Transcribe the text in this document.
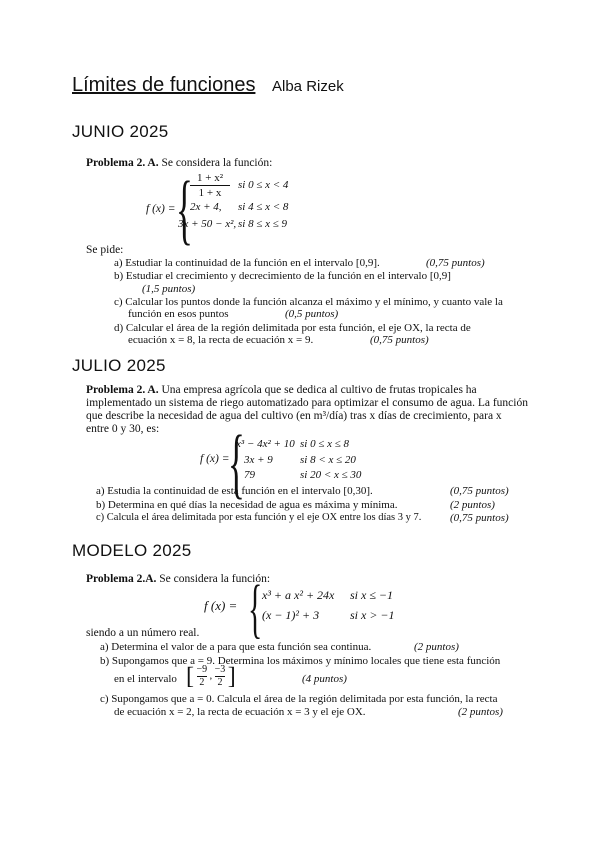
Límites de funciones Alba Rizek
JUNIO 2025
Problema 2. A. Se considera la función:
f (x) = {
$\frac{\text{1 + x²}}{1 + x}$ si 0 ≤ x < 4
2x + 4, si 4 ≤ x < 8
3x + 50 − x², si 8 ≤ x ≤ 9
Se pide:
a) Estudiar la continuidad de la función en el intervalo [0,9].	(0,75 puntos)
b) Estudiar el crecimiento y decrecimiento de la función en el intervalo [0,9]
(1,5 puntos)
c) Calcular los puntos donde la función alcanza el máximo y el mínimo, y cuanto vale la
función en esos puntos	(0,5 puntos)
d) Calcular el área de la región delimitada por esta función, el eje OX, la recta de
ecuación x = 8, la recta de ecuación x = 9.	(0,75 puntos)
JULIO 2025
Problema 2. A. Una empresa agrícola que se dedica al cultivo de frutas tropicales ha
implementado un sistema de riego automatizado para optimizar el consumo de agua. La función
que describe la necesidad de agua del cultivo (en m³/día) tras x días de crecimiento, para x
entre 0 y 30, es:
f (x) =
{
x³ − 4x² + 10 si 0 ≤ x ≤ 8
3x + 9 si 8 < x ≤ 20
79	si 20 < x ≤ 30
a) Estudia la continuidad de esta función en el intervalo [0,30].	(0,75 puntos)
b) Determina en qué días la necesidad de agua es máxima y mínima.	(2 puntos)
c) Calcula el área delimitada por esta función y el eje OX entre los días 3 y 7.	(0,75 puntos)
MODELO 2025
Problema 2.A. Se considera la función:
f (x) = { x³ + a x² + 24x si x ≤ −1
(x − 1)² + 3	si x > −1
siendo a un número real.
a) Determina el valor de a para que esta función sea continua.	(2 puntos)
b) Supongamos que a = 9. Determina los máximos y mínimo locales que tiene esta función
en el intervalo [ $\frac{-9}{2}$ , $\frac{-3}{2}$ ]	(4 puntos)
c) Supongamos que a = 0. Calcula el área de la región delimitada por esta función, la recta
de ecuación x = 2, la recta de ecuación x = 3 y el eje OX.	(2 puntos)
